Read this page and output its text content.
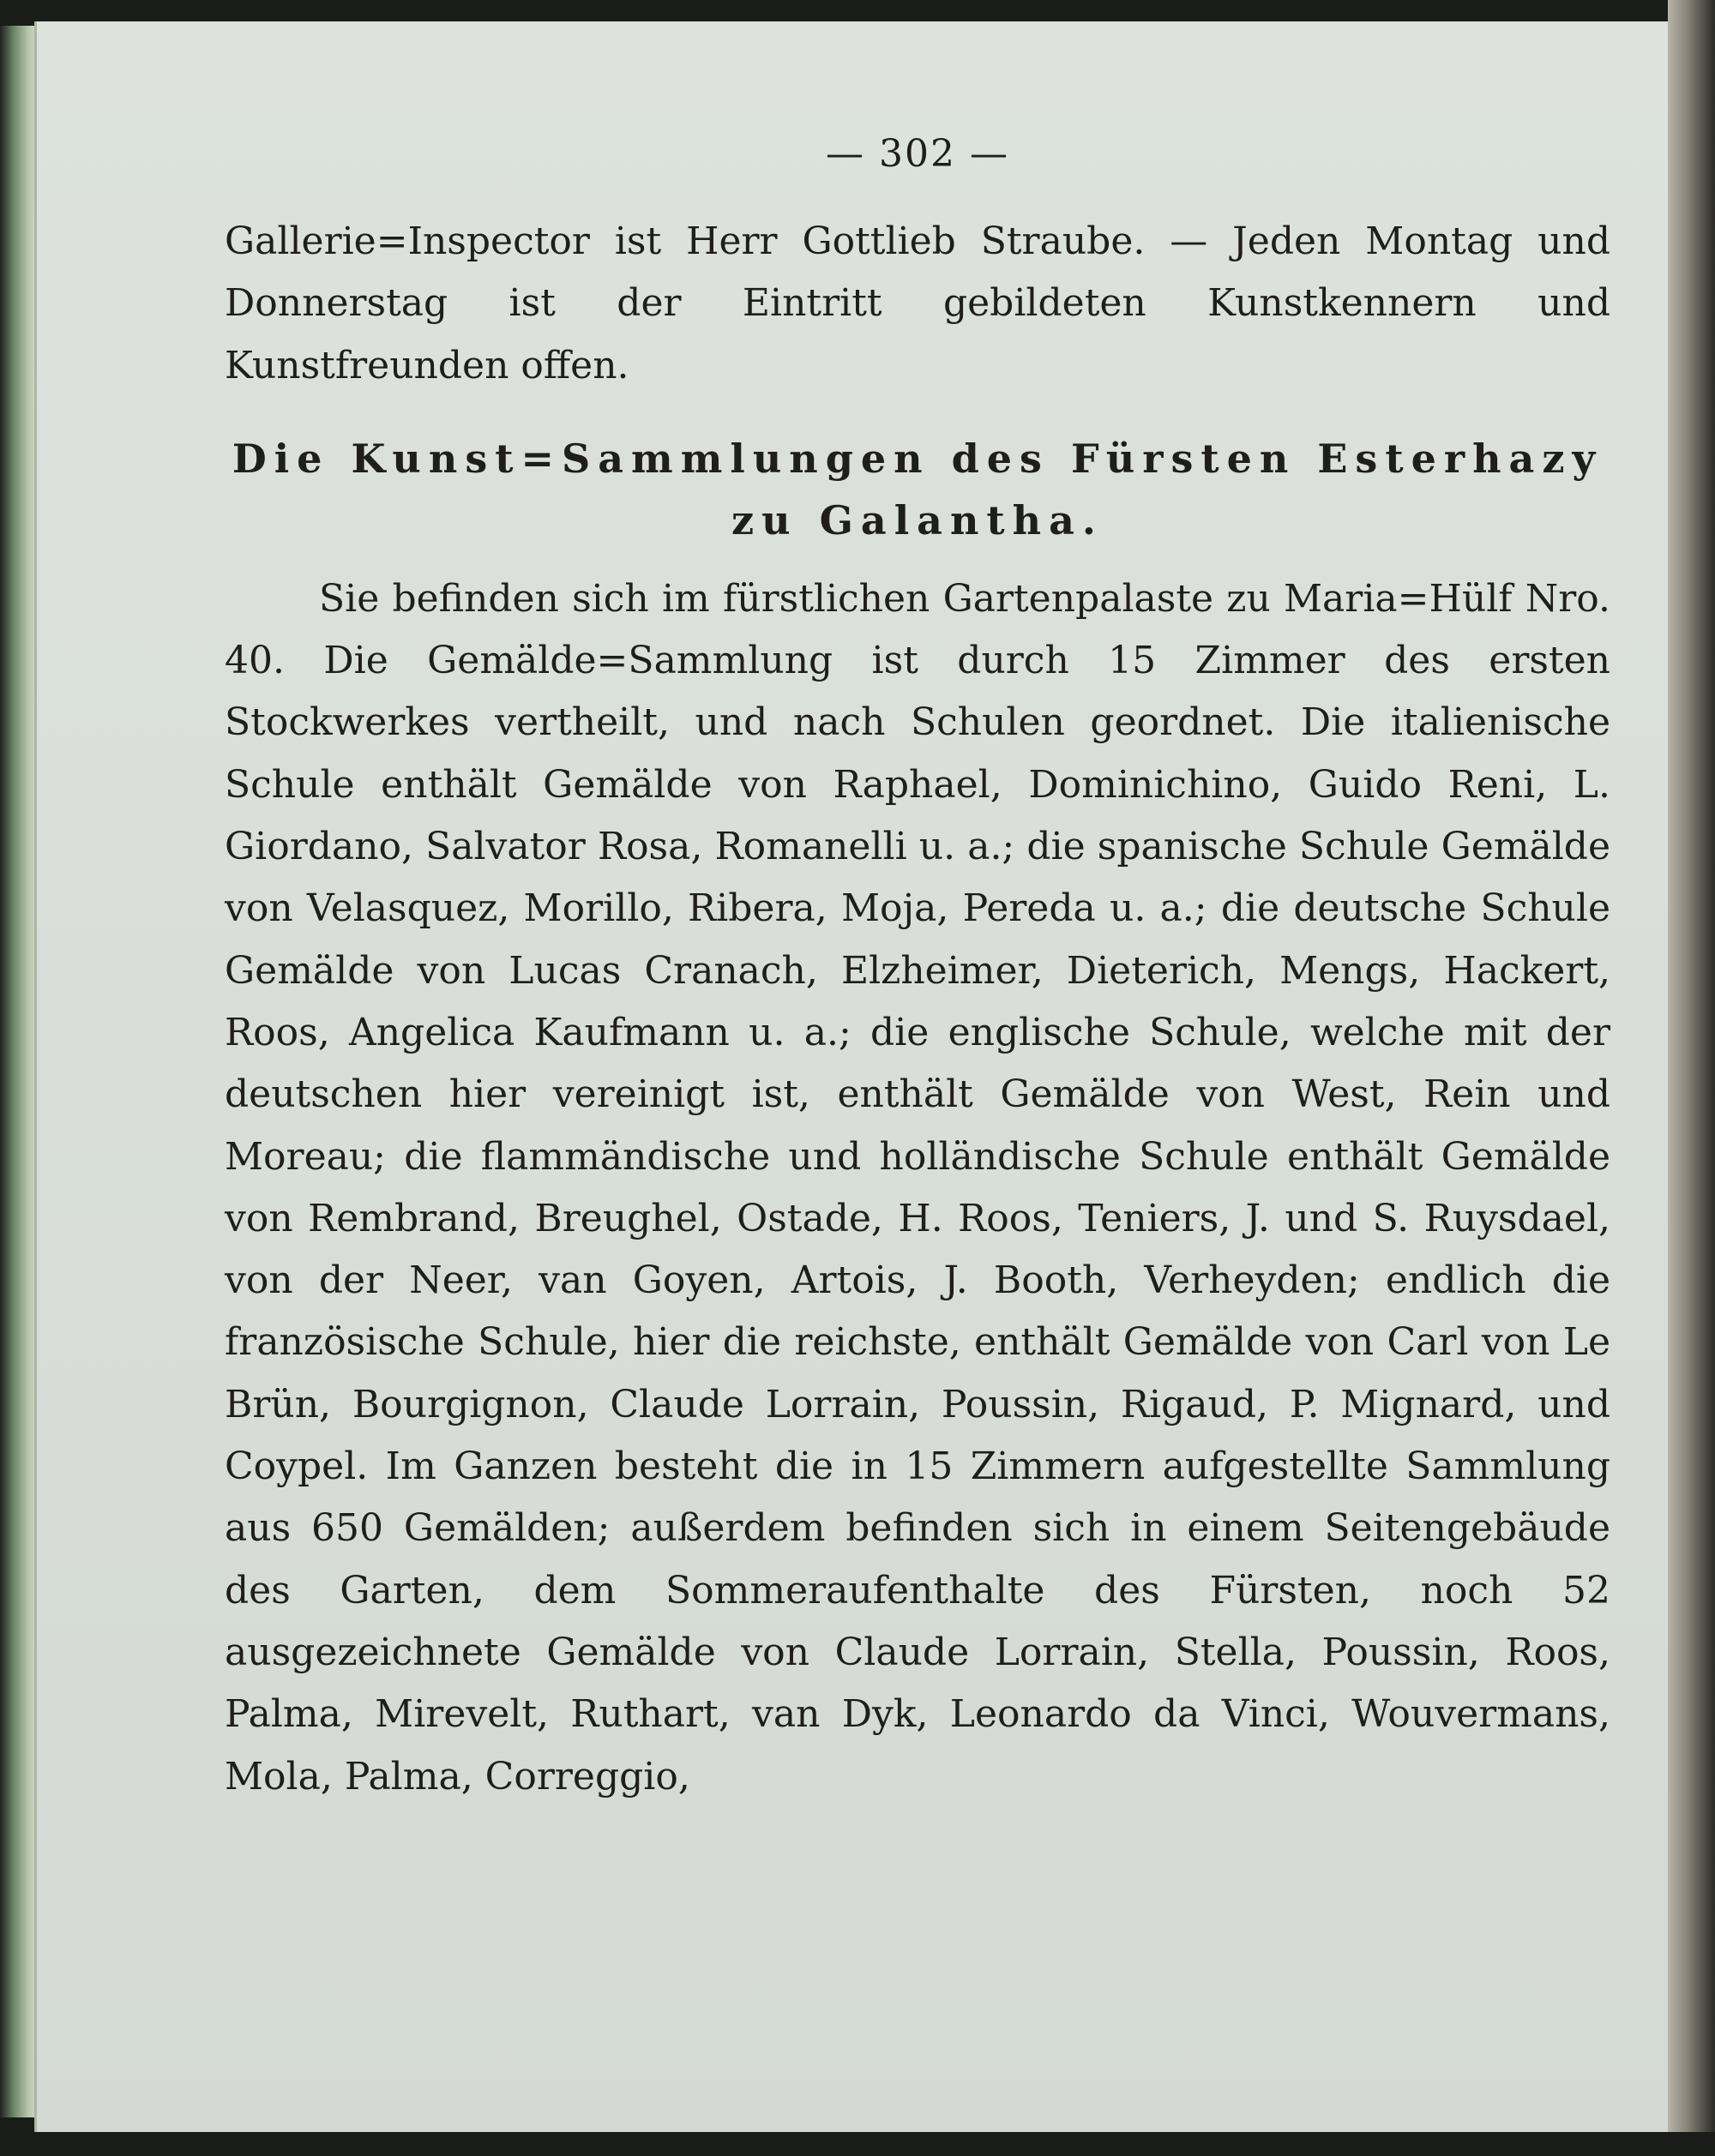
— 302 —

Gallerie=Inspector ist Herr Gottlieb Straube. — Jeden Montag und Donnerstag ist der Eintritt gebildeten Kunstkennern und Kunstfreunden offen.

Die Kunst=Sammlungen des Fürsten Esterhazy
zu Galantha.

Sie befinden sich im fürstlichen Gartenpalaste zu Maria=Hülf Nro. 40. Die Gemälde=Sammlung ist durch 15 Zimmer des ersten Stockwerkes vertheilt, und nach Schulen geordnet. Die italienische Schule enthält Gemälde von Raphael, Dominichino, Guido Reni, L. Giordano, Salvator Rosa, Romanelli u. a.; die spanische Schule Gemälde von Velasquez, Morillo, Ribera, Moja, Pereda u. a.; die deutsche Schule Gemälde von Lucas Cranach, Elzheimer, Dieterich, Mengs, Hackert, Roos, Angelica Kaufmann u. a.; die englische Schule, welche mit der deutschen hier vereinigt ist, enthält Gemälde von West, Rein und Moreau; die flammändische und holländische Schule enthält Gemälde von Rembrand, Breughel, Ostade, H. Roos, Teniers, J. und S. Ruysdael, von der Neer, van Goyen, Artois, J. Booth, Verheyden; endlich die französische Schule, hier die reichste, enthält Gemälde von Carl von Le Brün, Bourgignon, Claude Lorrain, Poussin, Rigaud, P. Mignard, und Coypel. Im Ganzen besteht die in 15 Zimmern aufgestellte Sammlung aus 650 Gemälden; außerdem befinden sich in einem Seitengebäude des Garten, dem Sommeraufenthalte des Fürsten, noch 52 ausgezeichnete Gemälde von Claude Lorrain, Stella, Poussin, Roos, Palma, Mirevelt, Ruthart, van Dyk, Leonardo da Vinci, Wouvermans, Mola, Palma, Correggio,
